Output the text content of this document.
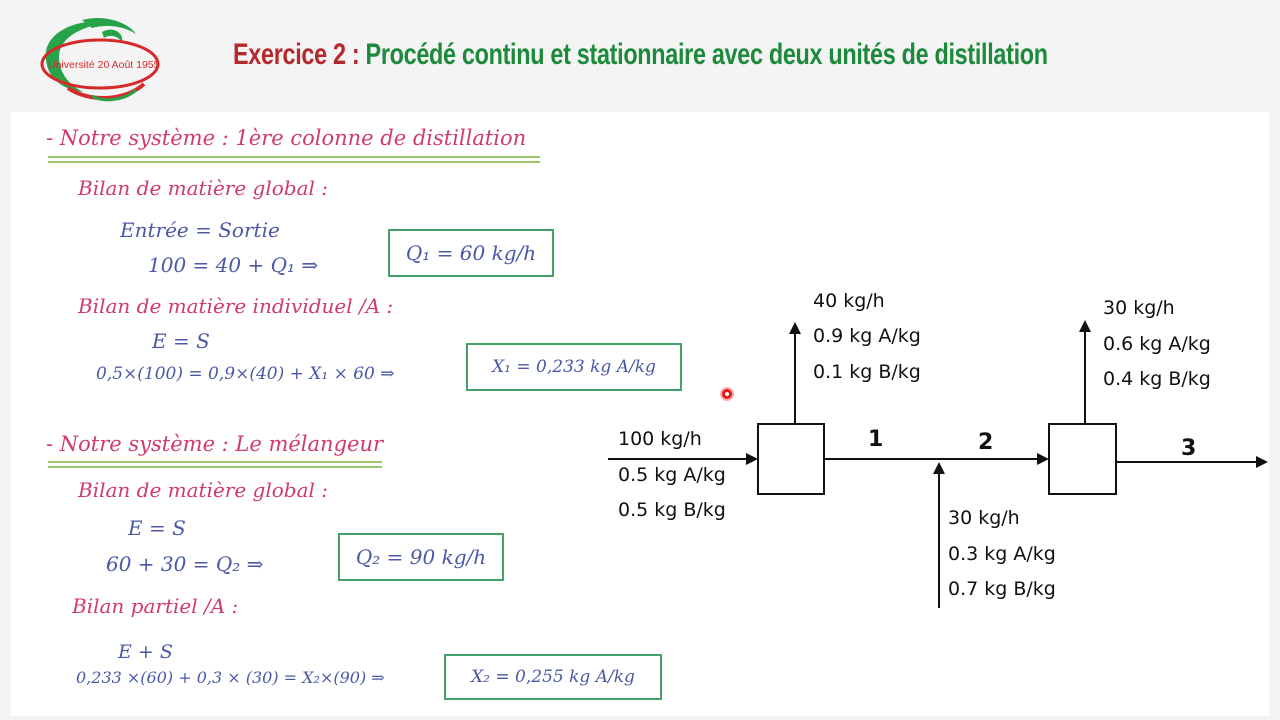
Université 20 Août 1955 Exercice 2 : Procédé continu et stationnaire avec deux unités de distillation
- Notre système : 1ère colonne de distillation
Bilan de matière global :
Entrée = Sortie
100 = 40 + Q₁ ⇒	Q₁ = 60 kg/h
Bilan de matière individuel /A :
E = S
0,5×(100) = 0,9×(40) + X₁ × 60 ⇒	X₁ = 0,233 kg A/kg
- Notre système : Le mélangeur
Bilan de matière global :
E = S
60 + 30 = Q₂ ⇒	Q₂ = 90 kg/h
Bilan partiel /A :
E + S
0,233 ×(60) + 0,3 × (30) = X₂×(90) ⇒	X₂ = 0,255 kg A/kg
100 kg/h
0.5 kg A/kg
0.5 kg B/kg
40 kg/h
0.9 kg A/kg
0.1 kg B/kg
30 kg/h
0.6 kg A/kg
0.4 kg B/kg
30 kg/h
0.3 kg A/kg
0.7 kg B/kg
1	2	3
